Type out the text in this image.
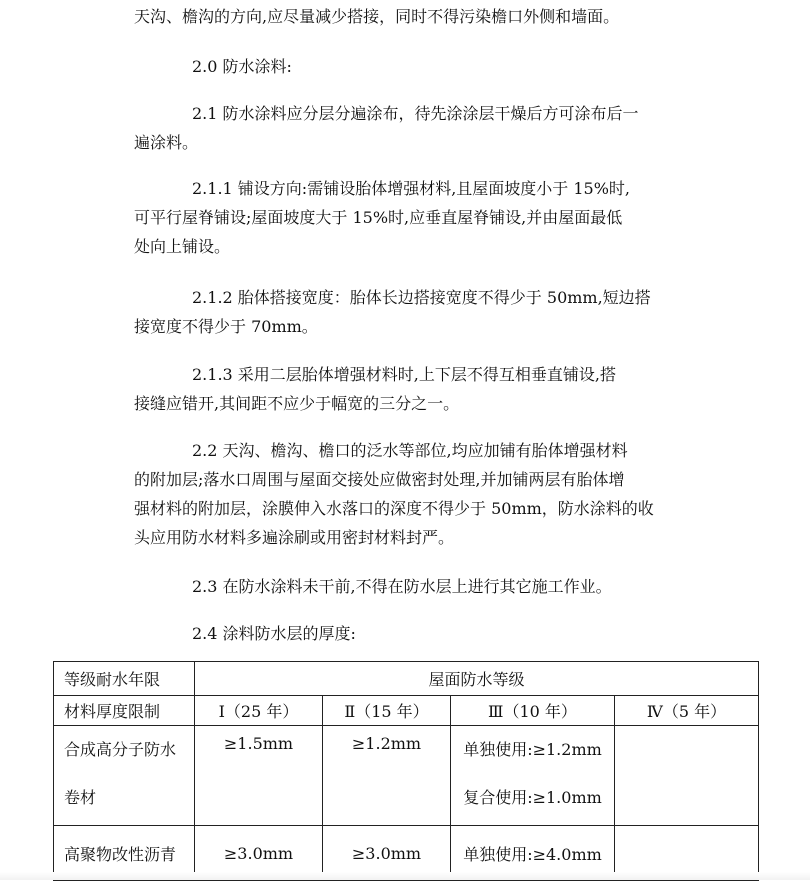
天沟、檐沟的方向,应尽量减少搭接，同时不得污染檐口外侧和墙面。

2.0 防水涂料:

2.1 防水涂料应分层分遍涂布，待先涂涂层干燥后方可涂布后一
遍涂料。

2.1.1 铺设方向:需铺设胎体增强材料,且屋面坡度小于 15%时,
可平行屋脊铺设;屋面坡度大于 15%时,应垂直屋脊铺设,并由屋面最低
处向上铺设。

2.1.2 胎体搭接宽度：胎体长边搭接宽度不得少于 50mm,短边搭
接宽度不得少于 70mm。

2.1.3 采用二层胎体增强材料时,上下层不得互相垂直铺设,搭
接缝应错开,其间距不应少于幅宽的三分之一。

2.2 天沟、檐沟、檐口的泛水等部位,均应加铺有胎体增强材料
的附加层;落水口周围与屋面交接处应做密封处理,并加铺两层有胎体增
强材料的附加层，涂膜伸入水落口的深度不得少于 50mm，防水涂料的收
头应用防水材料多遍涂刷或用密封材料封严。

2.3 在防水涂料未干前,不得在防水层上进行其它施工作业。

2.4 涂料防水层的厚度:

等级耐水年限	屋面防水等级			
材料厚度限制	Ⅰ（25 年）	Ⅱ（15 年）	Ⅲ（10 年）	Ⅳ（5 年）

合成高分子防水
卷材	≥1.5mm	≥1.2mm	单独使用:≥1.2mm
复合使用:≥1.0mm	

高聚物改性沥青	≥3.0mm	≥3.0mm	单独使用:≥4.0mm	
